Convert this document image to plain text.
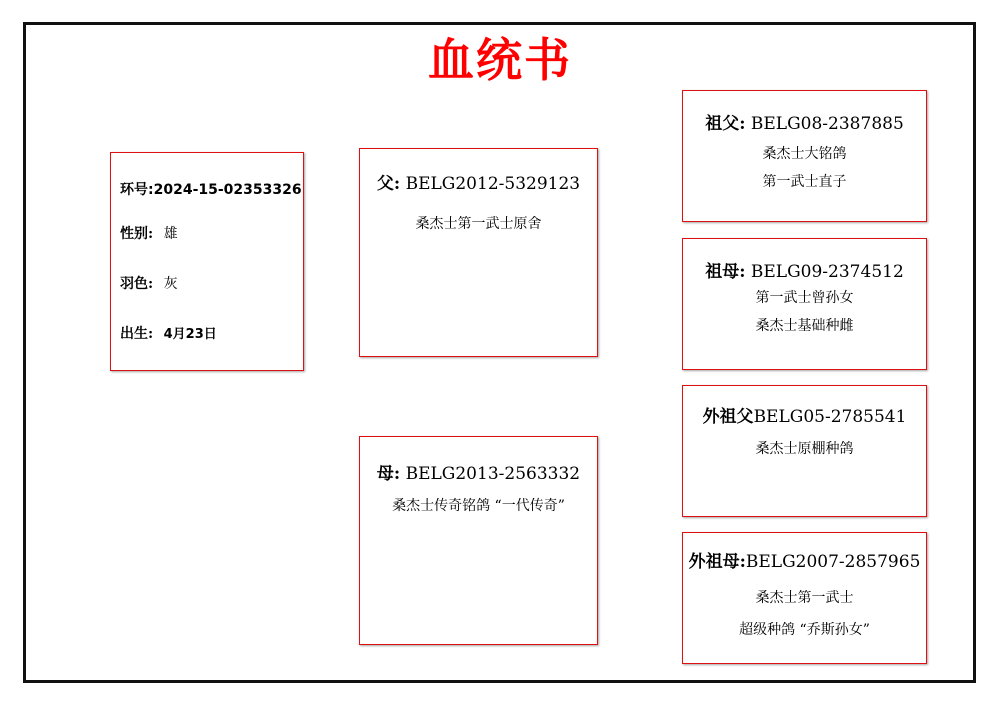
血统书
环号:2024-15-02353326
性别: 雄
羽色: 灰
出生: 4月23日
父: BELG2012-5329123
桑杰士第一武士原舍
母: BELG2013-2563332
桑杰士传奇铭鸽 “一代传奇”
祖父: BELG08-2387885
桑杰士大铭鸽
第一武士直子
祖母: BELG09-2374512
第一武士曾孙女
桑杰士基础种雌
外祖父BELG05-2785541
桑杰士原棚种鸽
外祖母:BELG2007-2857965
桑杰士第一武士
超级种鸽 “乔斯孙女”
